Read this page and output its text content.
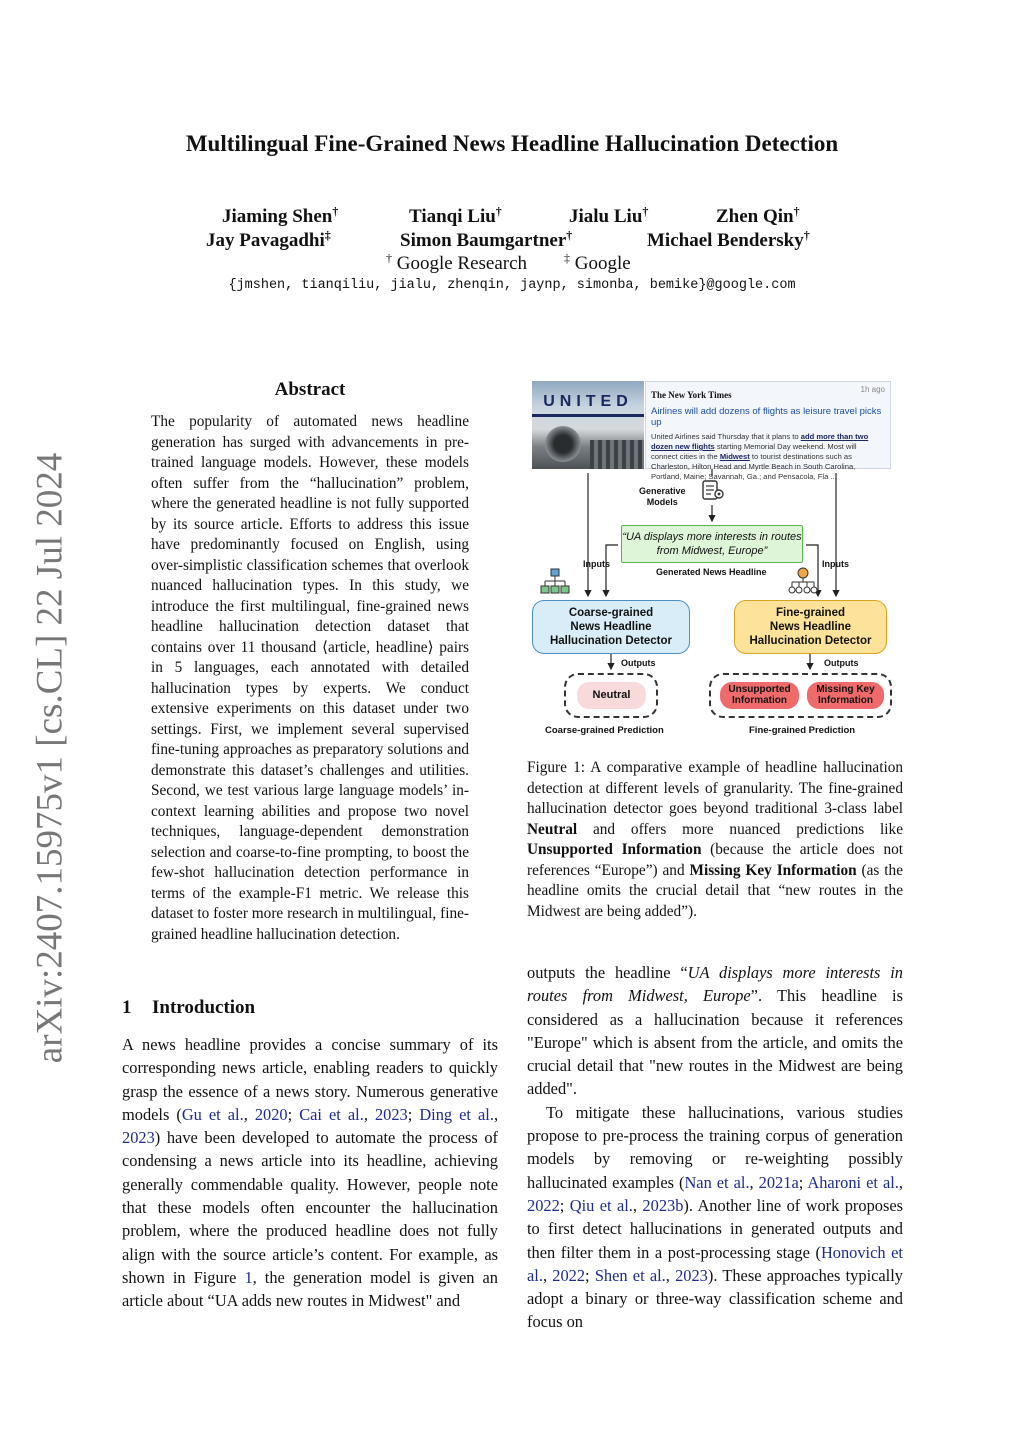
Multilingual Fine-Grained News Headline Hallucination Detection
Jiaming Shen†	Tianqi Liu†	Jialu Liu†	Zhen Qin†
Jay Pavagadhi‡	Simon Baumgartner†	Michael Bendersky†
† Google Research	‡ Google
{jmshen, tianqiliu, jialu, zhenqin, jaynp, simonba, bemike}@google.com
arXiv:2407.15975v1 [cs.CL] 22 Jul 2024
Abstract
The popularity of automated news headline generation has surged with advancements in pre-trained language models. However, these models often suffer from the “hallucination” problem, where the generated headline is not fully supported by its source article. Efforts to address this issue have predominantly focused on English, using over-simplistic classification schemes that overlook nuanced hallucination types. In this study, we introduce the first multilingual, fine-grained news headline hallucination detection dataset that contains over 11 thousand ⟨article, headline⟩ pairs in 5 languages, each annotated with detailed hallucination types by experts. We conduct extensive experiments on this dataset under two settings. First, we implement several supervised fine-tuning approaches as preparatory solutions and demonstrate this dataset’s challenges and utilities. Second, we test various large language models’ in-context learning abilities and propose two novel techniques, language-dependent demonstration selection and coarse-to-fine prompting, to boost the few-shot hallucination detection performance in terms of the example-F1 metric. We release this dataset to foster more research in multilingual, fine-grained headline hallucination detection.
1 Introduction
A news headline provides a concise summary of its corresponding news article, enabling readers to quickly grasp the essence of a news story. Numerous generative models (Gu et al., 2020; Cai et al., 2023; Ding et al., 2023) have been developed to automate the process of condensing a news article into its headline, achieving generally commendable quality. However, people note that these models often encounter the hallucination problem, where the produced headline does not fully align with the source article’s content. For example, as shown in Figure 1, the generation model is given an article about “UA adds new routes in Midwest" and

outputs the headline “UA displays more interests in routes from Midwest, Europe”. This headline is considered as a hallucination because it references "Europe" which is absent from the article, and omits the crucial detail that "new routes in the Midwest are being added".

To mitigate these hallucinations, various studies propose to pre-process the training corpus of generation models by removing or re-weighting possibly hallucinated examples (Nan et al., 2021a; Aharoni et al., 2022; Qiu et al., 2023b). Another line of work proposes to first detect hallucinations in generated outputs and then filter them in a post-processing stage (Honovich et al., 2022; Shen et al., 2023). These approaches typically adopt a binary or three-way classification scheme and focus on

UNITED	The New York Times
1h ago
Airlines will add dozens of flights as leisure travel picks up
United Airlines said Thursday that it plans to add more than two dozen new flights starting Memorial Day weekend. Most will connect cities in the Midwest to tourist destinations such as Charleston, Hilton Head and Myrtle Beach in South Carolina, Portland, Maine; Savannah, Ga.; and Pensacola, Fla ...
Generative
Models
“UA displays more interests in routes from Midwest, Europe”
Generated News Headline
Inputs	Inputs
Coarse-grained
News Headline
Hallucination Detector
Fine-grained
News Headline
Hallucination Detector
Outputs	Outputs
Neutral	Unsupported
Information
Missing Key
Information
Coarse-grained Prediction	Fine-grained Prediction
Figure 1: A comparative example of headline hallucination detection at different levels of granularity. The fine-grained hallucination detector goes beyond traditional 3-class label Neutral and offers more nuanced predictions like Unsupported Information (because the article does not references “Europe”) and Missing Key Information (as the headline omits the crucial detail that “new routes in the Midwest are being added”).
